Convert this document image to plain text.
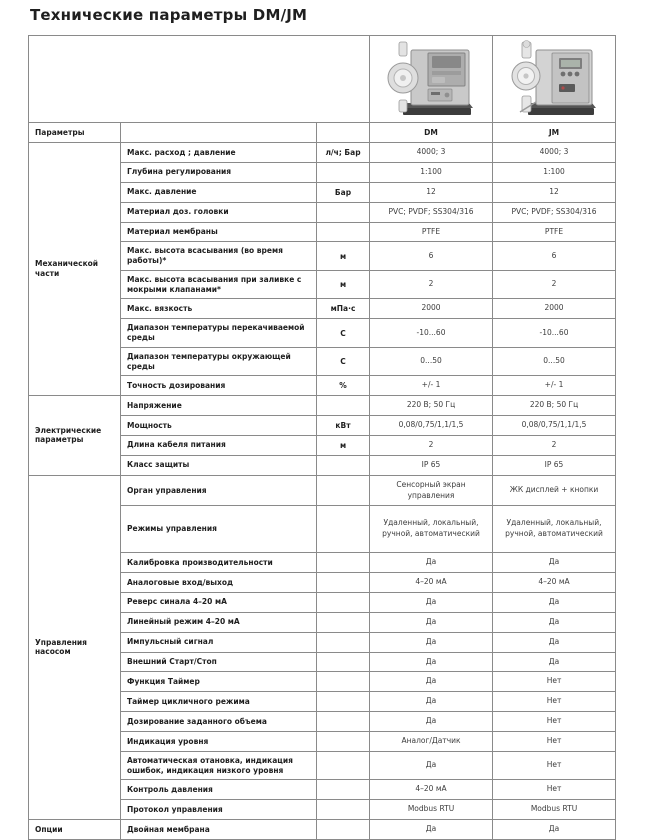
Технические параметры DM/JM

Параметры			DM	JM
Механической части	Макс. расход ; давление	л/ч; Бар	4000; 3	4000; 3
	Глубина регулирования		1:100	1:100
	Макс. давление	Бар	12	12
	Материал доз. головки		PVC; PVDF; SS304/316	PVC; PVDF; SS304/316
	Материал мембраны		PTFE	PTFE
	Макс. высота всасывания (во время работы)*	м	6	6
	Макс. высота всасывания при заливке с мокрыми клапанами*	м	2	2
	Макс. вязкость	мПа·с	2000	2000
	Диапазон температуры перекачиваемой среды	С	-10...60	-10...60
	Диапазон температуры окружающей среды	С	0...50	0...50
	Точность дозирования	%	+/- 1	+/- 1
Электрические параметры	Напряжение		220 В; 50 Гц	220 В; 50 Гц
	Мощность	кВт	0,08/0,75/1,1/1,5	0,08/0,75/1,1/1,5
	Длина кабеля питания	м	2	2
	Класс защиты		IP 65	IP 65
Управления насосом	Орган управления		Сенсорный экран управления	ЖК дисплей + кнопки
	Режимы управления		Удаленный, локальный, ручной, автоматический	Удаленный, локальный, ручной, автоматический
	Калибровка производительности		Да	Да
	Аналоговые вход/выход		4–20 мА	4–20 мА
	Реверс синала 4–20 мА		Да	Да
	Линейный режим 4–20 мА		Да	Да
	Импульсный сигнал		Да	Да
	Внешний Старт/Стоп		Да	Да
	Функция Таймер		Да	Нет
	Таймер цикличного режима		Да	Нет
	Дозирование заданного объема		Да	Нет
	Индикация уровня		Аналог/Датчик	Нет
	Автоматическая отановка, индикация ошибок, индикация низкого уровня		Да	Нет
	Контроль давления		4–20 мА	Нет
	Протокол управления		Modbus RTU	Modbus RTU
Опции	Двойная мембрана		Да	Да
